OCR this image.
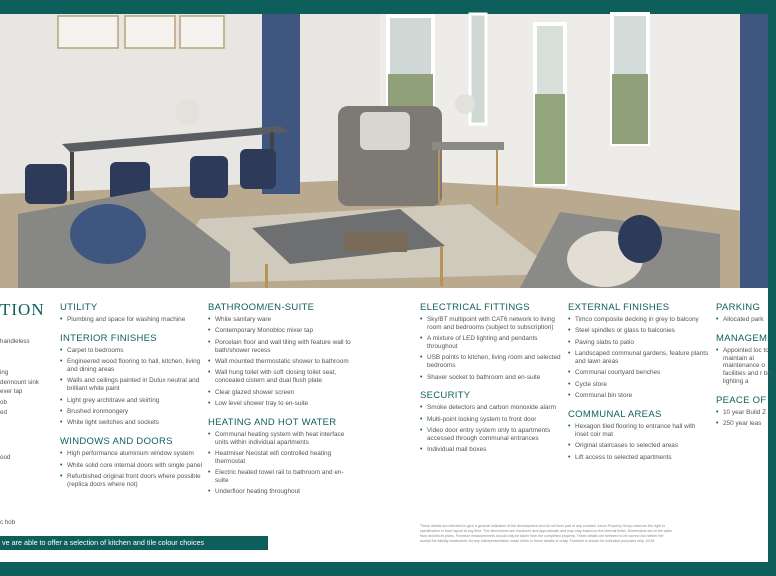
TION
handleless
ing
dermount sink
ever tap
ob
ed
ood
c hob
UTILITY
• Plumbing and space for washing machine
INTERIOR FINISHES
• Carpet to bedrooms
• Engineered wood flooring to hall, kitchen, living and dining areas
• Walls and ceilings painted in Dulux neutral and brilliant white paint
• Light grey architrave and skirting
• Brushed ironmongery
• White light switches and sockets
WINDOWS AND DOORS
• High performance aluminium window system
• White solid core internal doors with single panel
• Refurbished original front doors where possible (replica doors where not)
BATHROOM/EN-SUITE
• White sanitary ware
• Contemporary Monobloc mixer tap
• Porcelain floor and wall tiling with feature wall to bath/shower recess
• Wall mounted thermostatic shower to bathroom
• Wall hung toilet with soft closing toilet seat, concealed cistern and dual flush plate
• Clear glazed shower screen
• Low level shower tray to en-suite
HEATING AND HOT WATER
• Communal heating system with heat interface units within individual apartments
• Heatmiser Neostat wifi controlled heating thermostat
• Electric heated towel rail to bathroom and en-suite
• Underfloor heating throughout
ELECTRICAL FITTINGS
• Sky/BT multipoint with CAT6 network to living room and bedrooms (subject to subscription)
• A mixture of LED lighting and pendants throughout
• USB points to kitchen, living room and selected bedrooms
• Shaver socket to bathroom and en-suite
SECURITY
• Smoke detectors and carbon monoxide alarm
• Multi-point locking system to front door
• Video door entry system only to apartments accessed through communal entrances
• Individual mail boxes
EXTERNAL FINISHES
• Timco composite decking in grey to balcony
• Steel spindles or glass to balconies
• Paving slabs to patio
• Landscaped communal gardens, feature plants and lawn areas
• Communal courtyard benches
• Cycle store
• Communal bin store
COMMUNAL AREAS
• Hexagon tiled flooring to entrance hall with inset coir mat
• Original staircases to selected areas
• Lift access to selected apartments
PARKING
• Allocated park
MANAGEME
• Appointed loc to maintain al maintenance o facilities and r bin, lighting a
PEACE OF
• 10 year Build Z
• 250 year leas
These details are intended to give a general indication of the development and do not form part of any contract. Arcon Property Group reserves the right to
specification or from layout at any time. The dimensions are maximum and approximate and may vary based on the internal finish. Dimensions are to the walls
from architect's plans. Furniture measurements should only be taken from the completed property. These details are believed to be correct but neither the
accept the liability whatsoever for any misrepresentation made either in these details or orally. Furniture is shown for indicative purposes only. 10/18
ve are able to offer a selection of kitchen and tile colour choices
